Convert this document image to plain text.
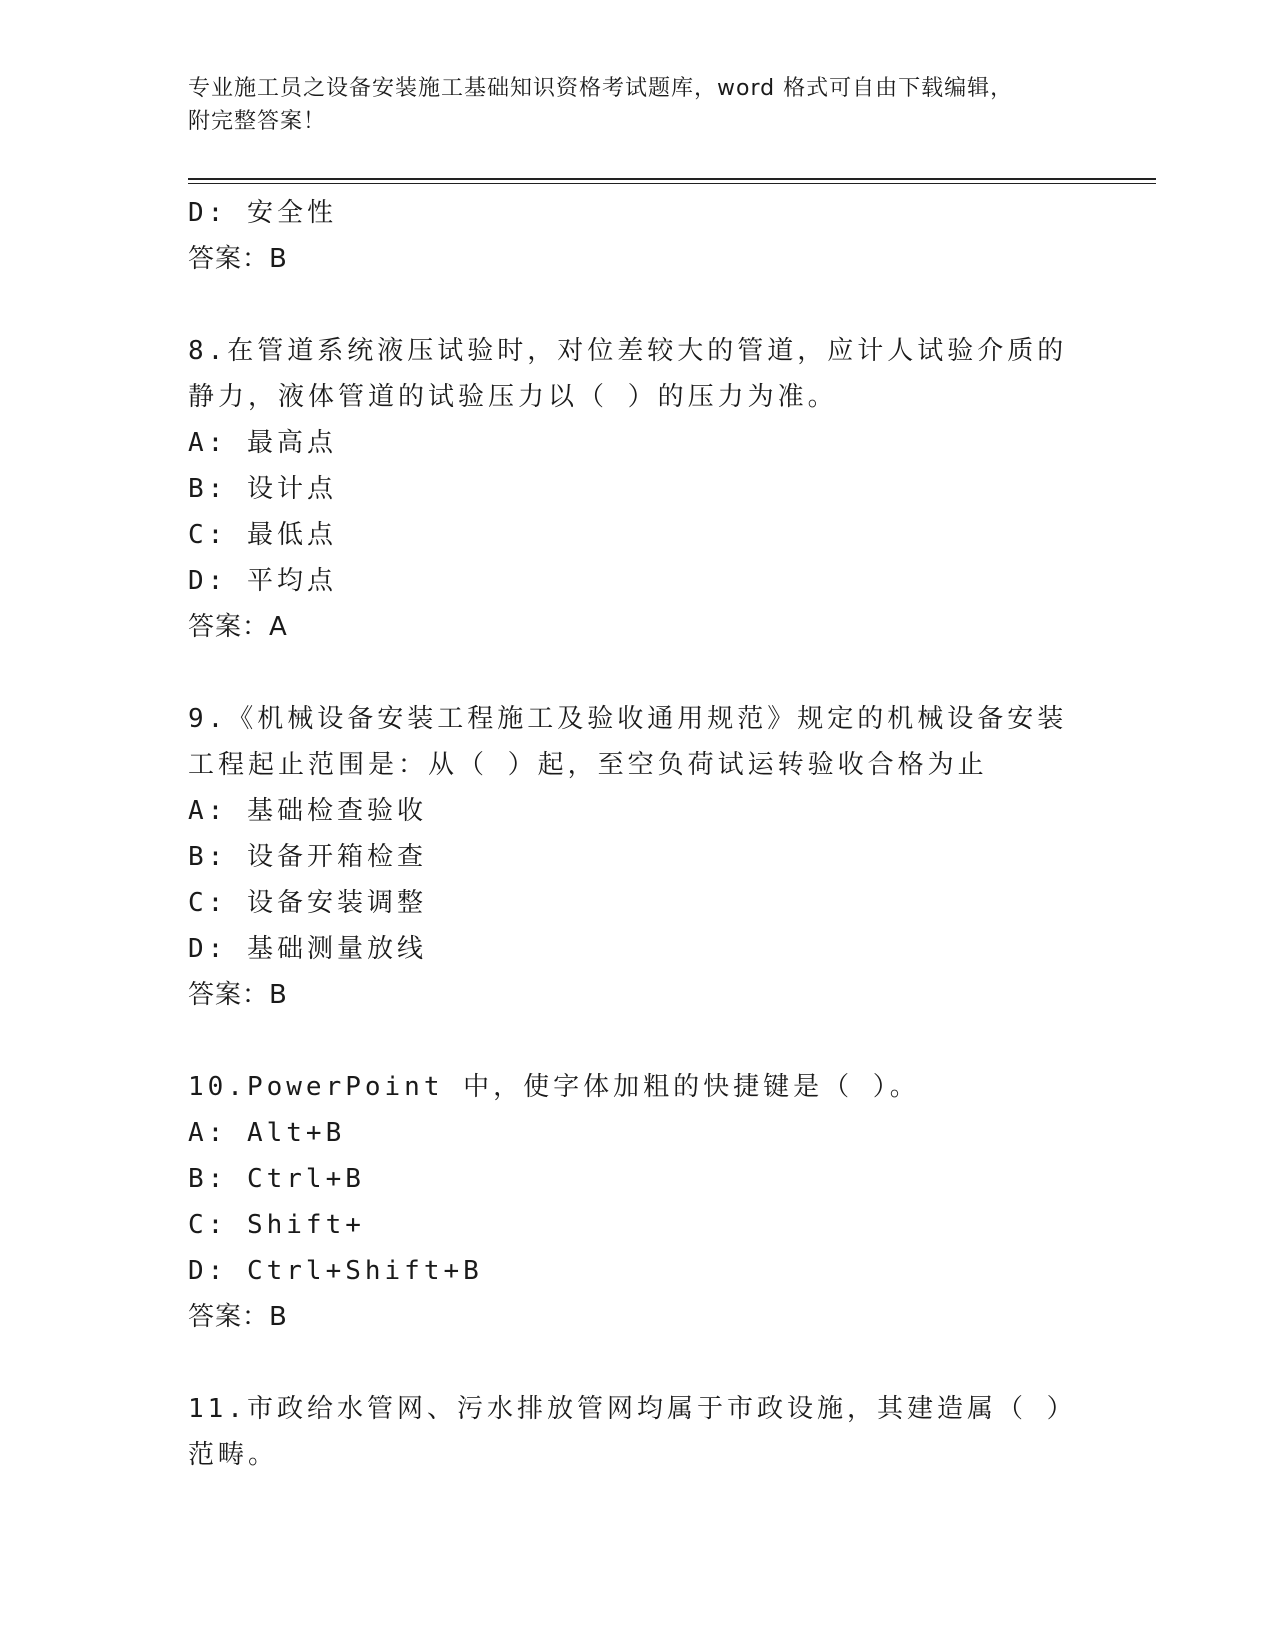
专业施工员之设备安装施工基础知识资格考试题库，word 格式可自由下载编辑，
附完整答案！
D: 安全性
答案：B
8.在管道系统液压试验时，对位差较大的管道，应计人试验介质的静力，液体管道的试验压力以（ ）的压力为准。
A: 最高点
B: 设计点
C: 最低点
D: 平均点
答案：A
9.《机械设备安装工程施工及验收通用规范》规定的机械设备安装工程起止范围是：从（ ）起，至空负荷试运转验收合格为止
A: 基础检查验收
B: 设备开箱检查
C: 设备安装调整
D: 基础测量放线
答案：B
10.PowerPoint 中，使字体加粗的快捷键是（ ）。
A: Alt+B
B: Ctrl+B
C: Shift+
D: Ctrl+Shift+B
答案：B
11.市政给水管网、污水排放管网均属于市政设施，其建造属（ ）范畴。
